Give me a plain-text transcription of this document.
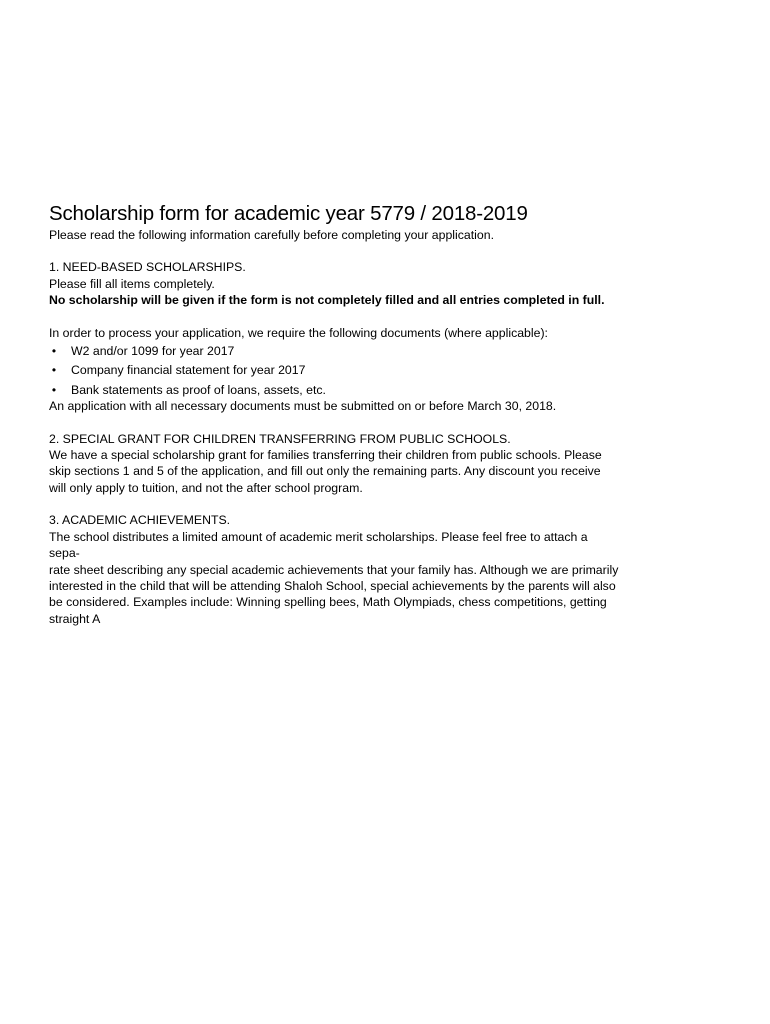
Scholarship form for academic year 5779 / 2018-2019

Please read the following information carefully before completing your application.

1. NEED-BASED SCHOLARSHIPS.

Please fill all items completely.

No scholarship will be given if the form is not completely filled and all entries completed in full.

In order to process your application, we require the following documents (where applicable):

• W2 and/or 1099 for year 2017
• Company financial statement for year 2017
• Bank statements as proof of loans, assets, etc.

An application with all necessary documents must be submitted on or before March 30, 2018.

2. SPECIAL GRANT FOR CHILDREN TRANSFERRING FROM PUBLIC SCHOOLS.

We have a special scholarship grant for families transferring their children from public schools. Please

skip sections 1 and 5 of the application, and fill out only the remaining parts. Any discount you receive

will only apply to tuition, and not the after school program.

3. ACADEMIC ACHIEVEMENTS.

The school distributes a limited amount of academic merit scholarships. Please feel free to attach a sepa-

rate sheet describing any special academic achievements that your family has. Although we are primarily

interested in the child that will be attending Shaloh School, special achievements by the parents will also

be considered. Examples include: Winning spelling bees, Math Olympiads, chess competitions, getting

straight A
